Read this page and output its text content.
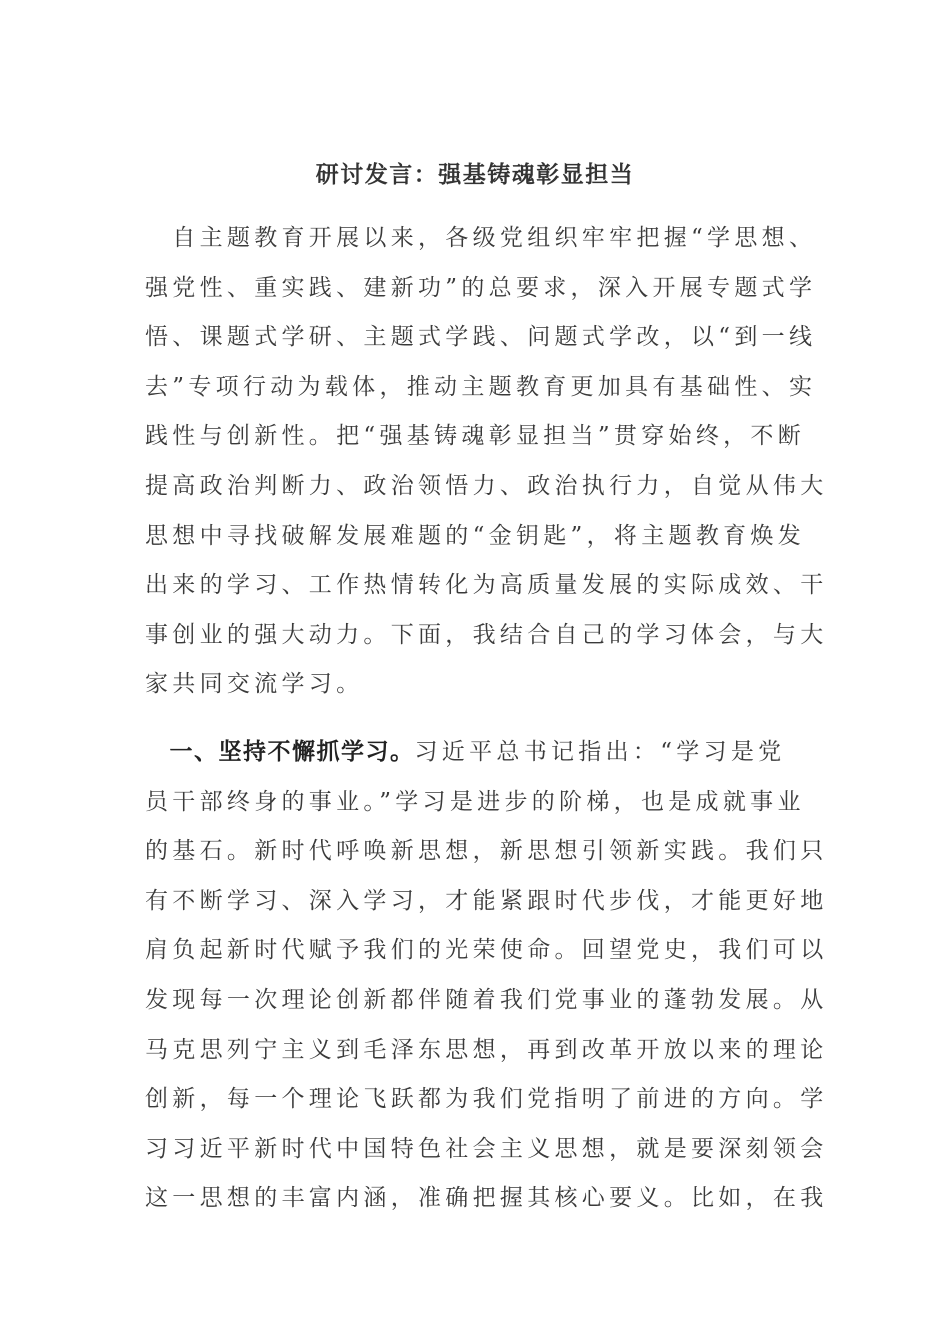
研讨发言：强基铸魂彰显担当
　自主题教育开展以来，各级党组织牢牢把握“学思想、
强党性、重实践、建新功”的总要求，深入开展专题式学
悟、课题式学研、主题式学践、问题式学改，以“到一线
去”专项行动为载体，推动主题教育更加具有基础性、实
践性与创新性。把“强基铸魂彰显担当”贯穿始终，不断
提高政治判断力、政治领悟力、政治执行力，自觉从伟大
思想中寻找破解发展难题的“金钥匙”，将主题教育焕发
出来的学习、工作热情转化为高质量发展的实际成效、干
事创业的强大动力。下面，我结合自己的学习体会，与大
家共同交流学习。
　一、坚持不懈抓学习。习近平总书记指出：“学习是党
员干部终身的事业。”学习是进步的阶梯，也是成就事业
的基石。新时代呼唤新思想，新思想引领新实践。我们只
有不断学习、深入学习，才能紧跟时代步伐，才能更好地
肩负起新时代赋予我们的光荣使命。回望党史，我们可以
发现每一次理论创新都伴随着我们党事业的蓬勃发展。从
马克思列宁主义到毛泽东思想，再到改革开放以来的理论
创新，每一个理论飞跃都为我们党指明了前进的方向。学
习习近平新时代中国特色社会主义思想，就是要深刻领会
这一思想的丰富内涵，准确把握其核心要义。比如，在我
